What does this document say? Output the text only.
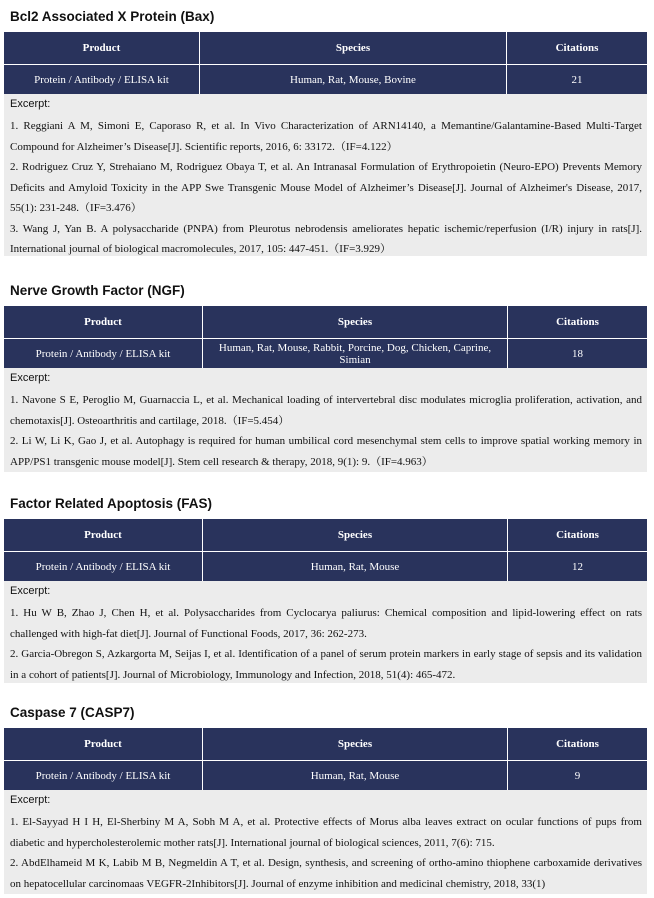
Bcl2 Associated X Protein (Bax)
Product	Species	Citations
Protein / Antibody / ELISA kit	Human, Rat, Mouse, Bovine	21
Excerpt:
1. Reggiani A M, Simoni E, Caporaso R, et al. In Vivo Characterization of ARN14140, a Memantine/Galantamine-Based Multi-Target Compound for Alzheimer’s Disease[J]. Scientific reports, 2016, 6: 33172.（IF=4.122）
2. Rodriguez Cruz Y, Strehaiano M, Rodriguez Obaya T, et al. An Intranasal Formulation of Erythropoietin (Neuro-EPO) Prevents Memory Deficits and Amyloid Toxicity in the APP Swe Transgenic Mouse Model of Alzheimer’s Disease[J]. Journal of Alzheimer's Disease, 2017, 55(1): 231-248.（IF=3.476）
3. Wang J, Yan B. A polysaccharide (PNPA) from Pleurotus nebrodensis ameliorates hepatic ischemic/reperfusion (I/R) injury in rats[J]. International journal of biological macromolecules, 2017, 105: 447-451.（IF=3.929）
Nerve Growth Factor (NGF)
Product	Species	Citations
Protein / Antibody / ELISA kit	Human, Rat, Mouse, Rabbit, Porcine, Dog, Chicken, Caprine, Simian	18
Excerpt:
1. Navone S E, Peroglio M, Guarnaccia L, et al. Mechanical loading of intervertebral disc modulates microglia proliferation, activation, and chemotaxis[J]. Osteoarthritis and cartilage, 2018.（IF=5.454）
2. Li W, Li K, Gao J, et al. Autophagy is required for human umbilical cord mesenchymal stem cells to improve spatial working memory in APP/PS1 transgenic mouse model[J]. Stem cell research & therapy, 2018, 9(1): 9.（IF=4.963）
Factor Related Apoptosis (FAS)
Product	Species	Citations
Protein / Antibody / ELISA kit	Human, Rat, Mouse	12
Excerpt:
1. Hu W B, Zhao J, Chen H, et al. Polysaccharides from Cyclocarya paliurus: Chemical composition and lipid-lowering effect on rats challenged with high-fat diet[J]. Journal of Functional Foods, 2017, 36: 262-273.
2. Garcia-Obregon S, Azkargorta M, Seijas I, et al. Identification of a panel of serum protein markers in early stage of sepsis and its validation in a cohort of patients[J]. Journal of Microbiology, Immunology and Infection, 2018, 51(4): 465-472.
Caspase 7 (CASP7)
Product	Species	Citations
Protein / Antibody / ELISA kit	Human, Rat, Mouse	9
Excerpt:
1. El-Sayyad H I H, El-Sherbiny M A, Sobh M A, et al. Protective effects of Morus alba leaves extract on ocular functions of pups from diabetic and hypercholesterolemic mother rats[J]. International journal of biological sciences, 2011, 7(6): 715.
2. AbdElhameid M K, Labib M B, Negmeldin A T, et al. Design, synthesis, and screening of ortho-amino thiophene carboxamide derivatives on hepatocellular carcinomaas VEGFR-2Inhibitors[J]. Journal of enzyme inhibition and medicinal chemistry, 2018, 33(1)
